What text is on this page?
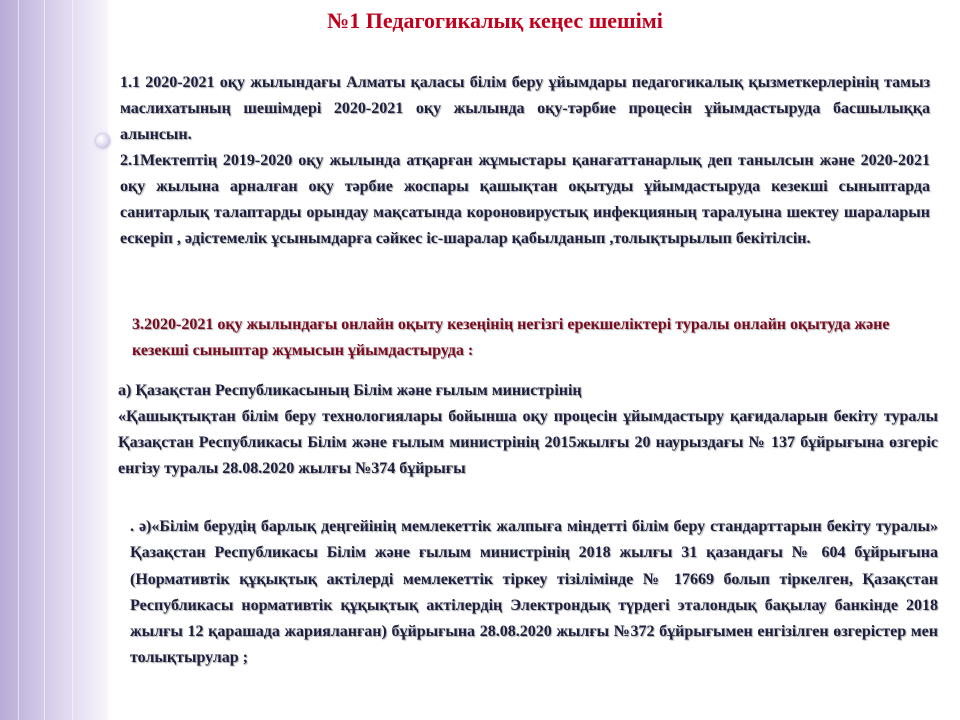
№1 Педагогикалық кеңес шешімі
1.1 2020-2021 оқу жылындағы Алматы қаласы білім беру ұйымдары педагогикалық қызметкерлерінің тамыз маслихатының шешімдері 2020-2021 оқу жылында оқу-тәрбие процесін ұйымдастыруда басшылыққа алынсын.
2.1Мектептің 2019-2020 оқу жылында атқарған жұмыстары қанағаттанарлық деп танылсын және 2020-2021 оқу жылына арналған оқу тәрбие жоспары қашықтан оқытуды ұйымдастыруда кезекші сыныптарда санитарлық талаптарды орындау мақсатында короновирустық инфекцияның таралуына шектеу шараларын ескеріп , әдістемелік ұсынымдарға сәйкес іс-шаралар қабылданып ,толықтырылып бекітілсін.
3.2020-2021 оқу жылындағы онлайн оқыту кезеңінің негізгі ерекшеліктері туралы онлайн оқытуда және кезекші сыныптар жұмысын ұйымдастыруда :
а) Қазақстан Республикасының Білім және ғылым министрінің
«Қашықтықтан білім беру технологиялары бойынша оқу процесін ұйымдастыру қағидаларын бекіту туралы Қазақстан Республикасы Білім және ғылым министрінің 2015жылғы 20 наурыздағы № 137 бұйрығына өзгеріс енгізу туралы 28.08.2020 жылғы №374 бұйрығы
. ә)«Білім берудің барлық деңгейінің мемлекеттік жалпыға міндетті білім беру стандарттарын бекіту туралы» Қазақстан Республикасы Білім және ғылым министрінің 2018 жылғы 31 қазандағы № 604 бұйрығына (Нормативтік құқықтық актілерді мемлекеттік тіркеу тізілімінде № 17669 болып тіркелген, Қазақстан Республикасы нормативтік құқықтық актілердің Электрондық түрдегі эталондық бақылау банкінде 2018 жылғы 12 қарашада жарияланған) бұйрығына 28.08.2020 жылғы №372 бұйрығымен енгізілген өзгерістер мен толықтырулар ;
